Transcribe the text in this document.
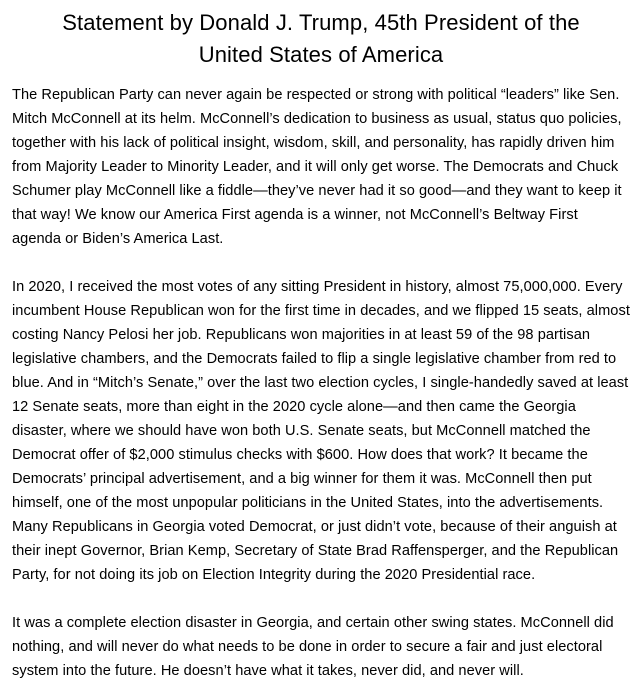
Statement by Donald J. Trump, 45th President of the
United States of America

The Republican Party can never again be respected or strong with political “leaders” like Sen. Mitch McConnell at its helm. McConnell’s dedication to business as usual, status quo policies, together with his lack of political insight, wisdom, skill, and personality, has rapidly driven him from Majority Leader to Minority Leader, and it will only get worse. The Democrats and Chuck Schumer play McConnell like a fiddle—they’ve never had it so good—and they want to keep it that way! We know our America First agenda is a winner, not McConnell’s Beltway First agenda or Biden’s America Last.

In 2020, I received the most votes of any sitting President in history, almost 75,000,000. Every incumbent House Republican won for the first time in decades, and we flipped 15 seats, almost costing Nancy Pelosi her job. Republicans won majorities in at least 59 of the 98 partisan legislative chambers, and the Democrats failed to flip a single legislative chamber from red to blue. And in “Mitch’s Senate,” over the last two election cycles, I single-handedly saved at least 12 Senate seats, more than eight in the 2020 cycle alone—and then came the Georgia disaster, where we should have won both U.S. Senate seats, but McConnell matched the Democrat offer of $2,000 stimulus checks with $600. How does that work? It became the Democrats’ principal advertisement, and a big winner for them it was. McConnell then put himself, one of the most unpopular politicians in the United States, into the advertisements. Many Republicans in Georgia voted Democrat, or just didn’t vote, because of their anguish at their inept Governor, Brian Kemp, Secretary of State Brad Raffensperger, and the Republican Party, for not doing its job on Election Integrity during the 2020 Presidential race.

It was a complete election disaster in Georgia, and certain other swing states. McConnell did nothing, and will never do what needs to be done in order to secure a fair and just electoral system into the future. He doesn’t have what it takes, never did, and never will.
